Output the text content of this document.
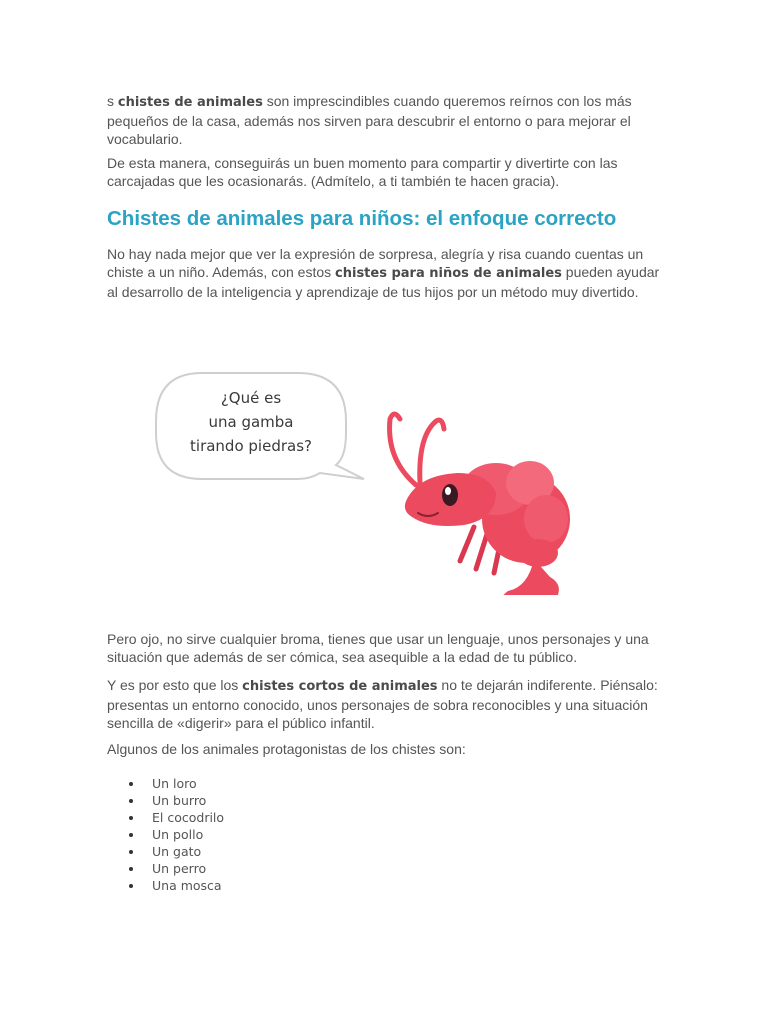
s chistes de animales son imprescindibles cuando queremos reírnos con los más pequeños de la casa, además nos sirven para descubrir el entorno o para mejorar el vocabulario.

De esta manera, conseguirás un buen momento para compartir y divertirte con las carcajadas que les ocasionarás. (Admítelo, a ti también te hacen gracia).

Chistes de animales para niños: el enfoque correcto

No hay nada mejor que ver la expresión de sorpresa, alegría y risa cuando cuentas un chiste a un niño. Además, con estos chistes para niños de animales pueden ayudar al desarrollo de la inteligencia y aprendizaje de tus hijos por un método muy divertido.

¿Qué es
una gamba
tirando piedras?

Pero ojo, no sirve cualquier broma, tienes que usar un lenguaje, unos personajes y una situación que además de ser cómica, sea asequible a la edad de tu público.

Y es por esto que los chistes cortos de animales no te dejarán indiferente. Piénsalo: presentas un entorno conocido, unos personajes de sobra reconocibles y una situación sencilla de «digerir» para el público infantil.

Algunos de los animales protagonistas de los chistes son:

Un loro
Un burro
El cocodrilo
Un pollo
Un gato
Un perro
Una mosca
